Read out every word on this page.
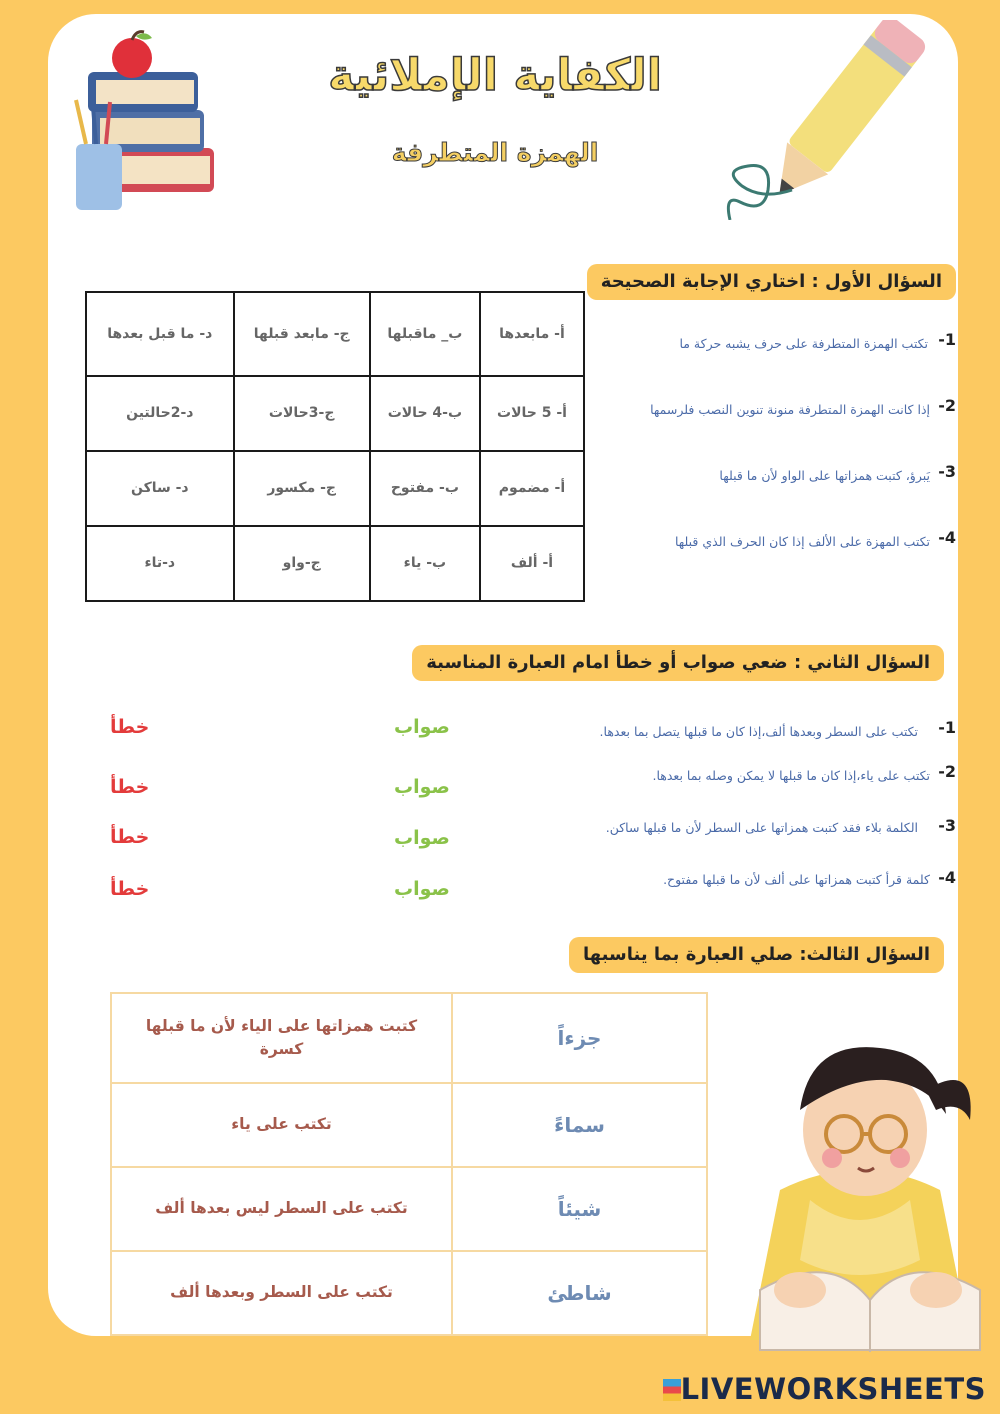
الكفاية الإملائية
الهمزة المتطرفة
السؤال الأول : اختاري الإجابة الصحيحة
-1
تكتب الهمزة المتطرفة على حرف يشبه حركة ما
-2
إذا كانت الهمزة المتطرفة منونة تنوين النصب فلرسمها
-3
يَبرؤ، كتبت همزاتها على الواو لأن ما قبلها
-4
تكتب المهزة على الألف إذا كان الحرف الذي قبلها
د- ما قبل بعدها	ج- مابعد قبلها	ب_ ماقبلها	أ- مابعدها
د-2حالتين	ج-3حالات	ب-4 حالات	أ- 5 حالات
د- ساكن	ج- مكسور	ب- مفتوح	أ- مضموم
د-تاء	ج-واو	ب- ياء	أ- ألف
السؤال الثاني : ضعي صواب أو خطأ امام العبارة المناسبة
-1
تكتب على السطر وبعدها ألف،إذا كان ما قبلها يتصل بما بعدها.
صواب
خطأ
-2
تكتب على ياء،إذا كان ما قبلها لا يمكن وصله بما بعدها.
صواب
خطأ
-3
الكلمة بلاء فقد كتبت همزاتها على السطر لأن ما قبلها ساكن.
صواب
خطأ
-4
كلمة قرأ كتبت همزاتها على ألف لأن ما قبلها مفتوح.
صواب
خطأ
السؤال الثالث: صلي العبارة بما يناسبها
كتبت همزاتها على الياء لأن ما قبلها كسرة	جزءاً
تكتب على ياء	سماءً
تكتب على السطر ليس بعدها ألف	شيئاً
تكتب على السطر وبعدها ألف	شاطئ
LIVEWORKSHEETS
